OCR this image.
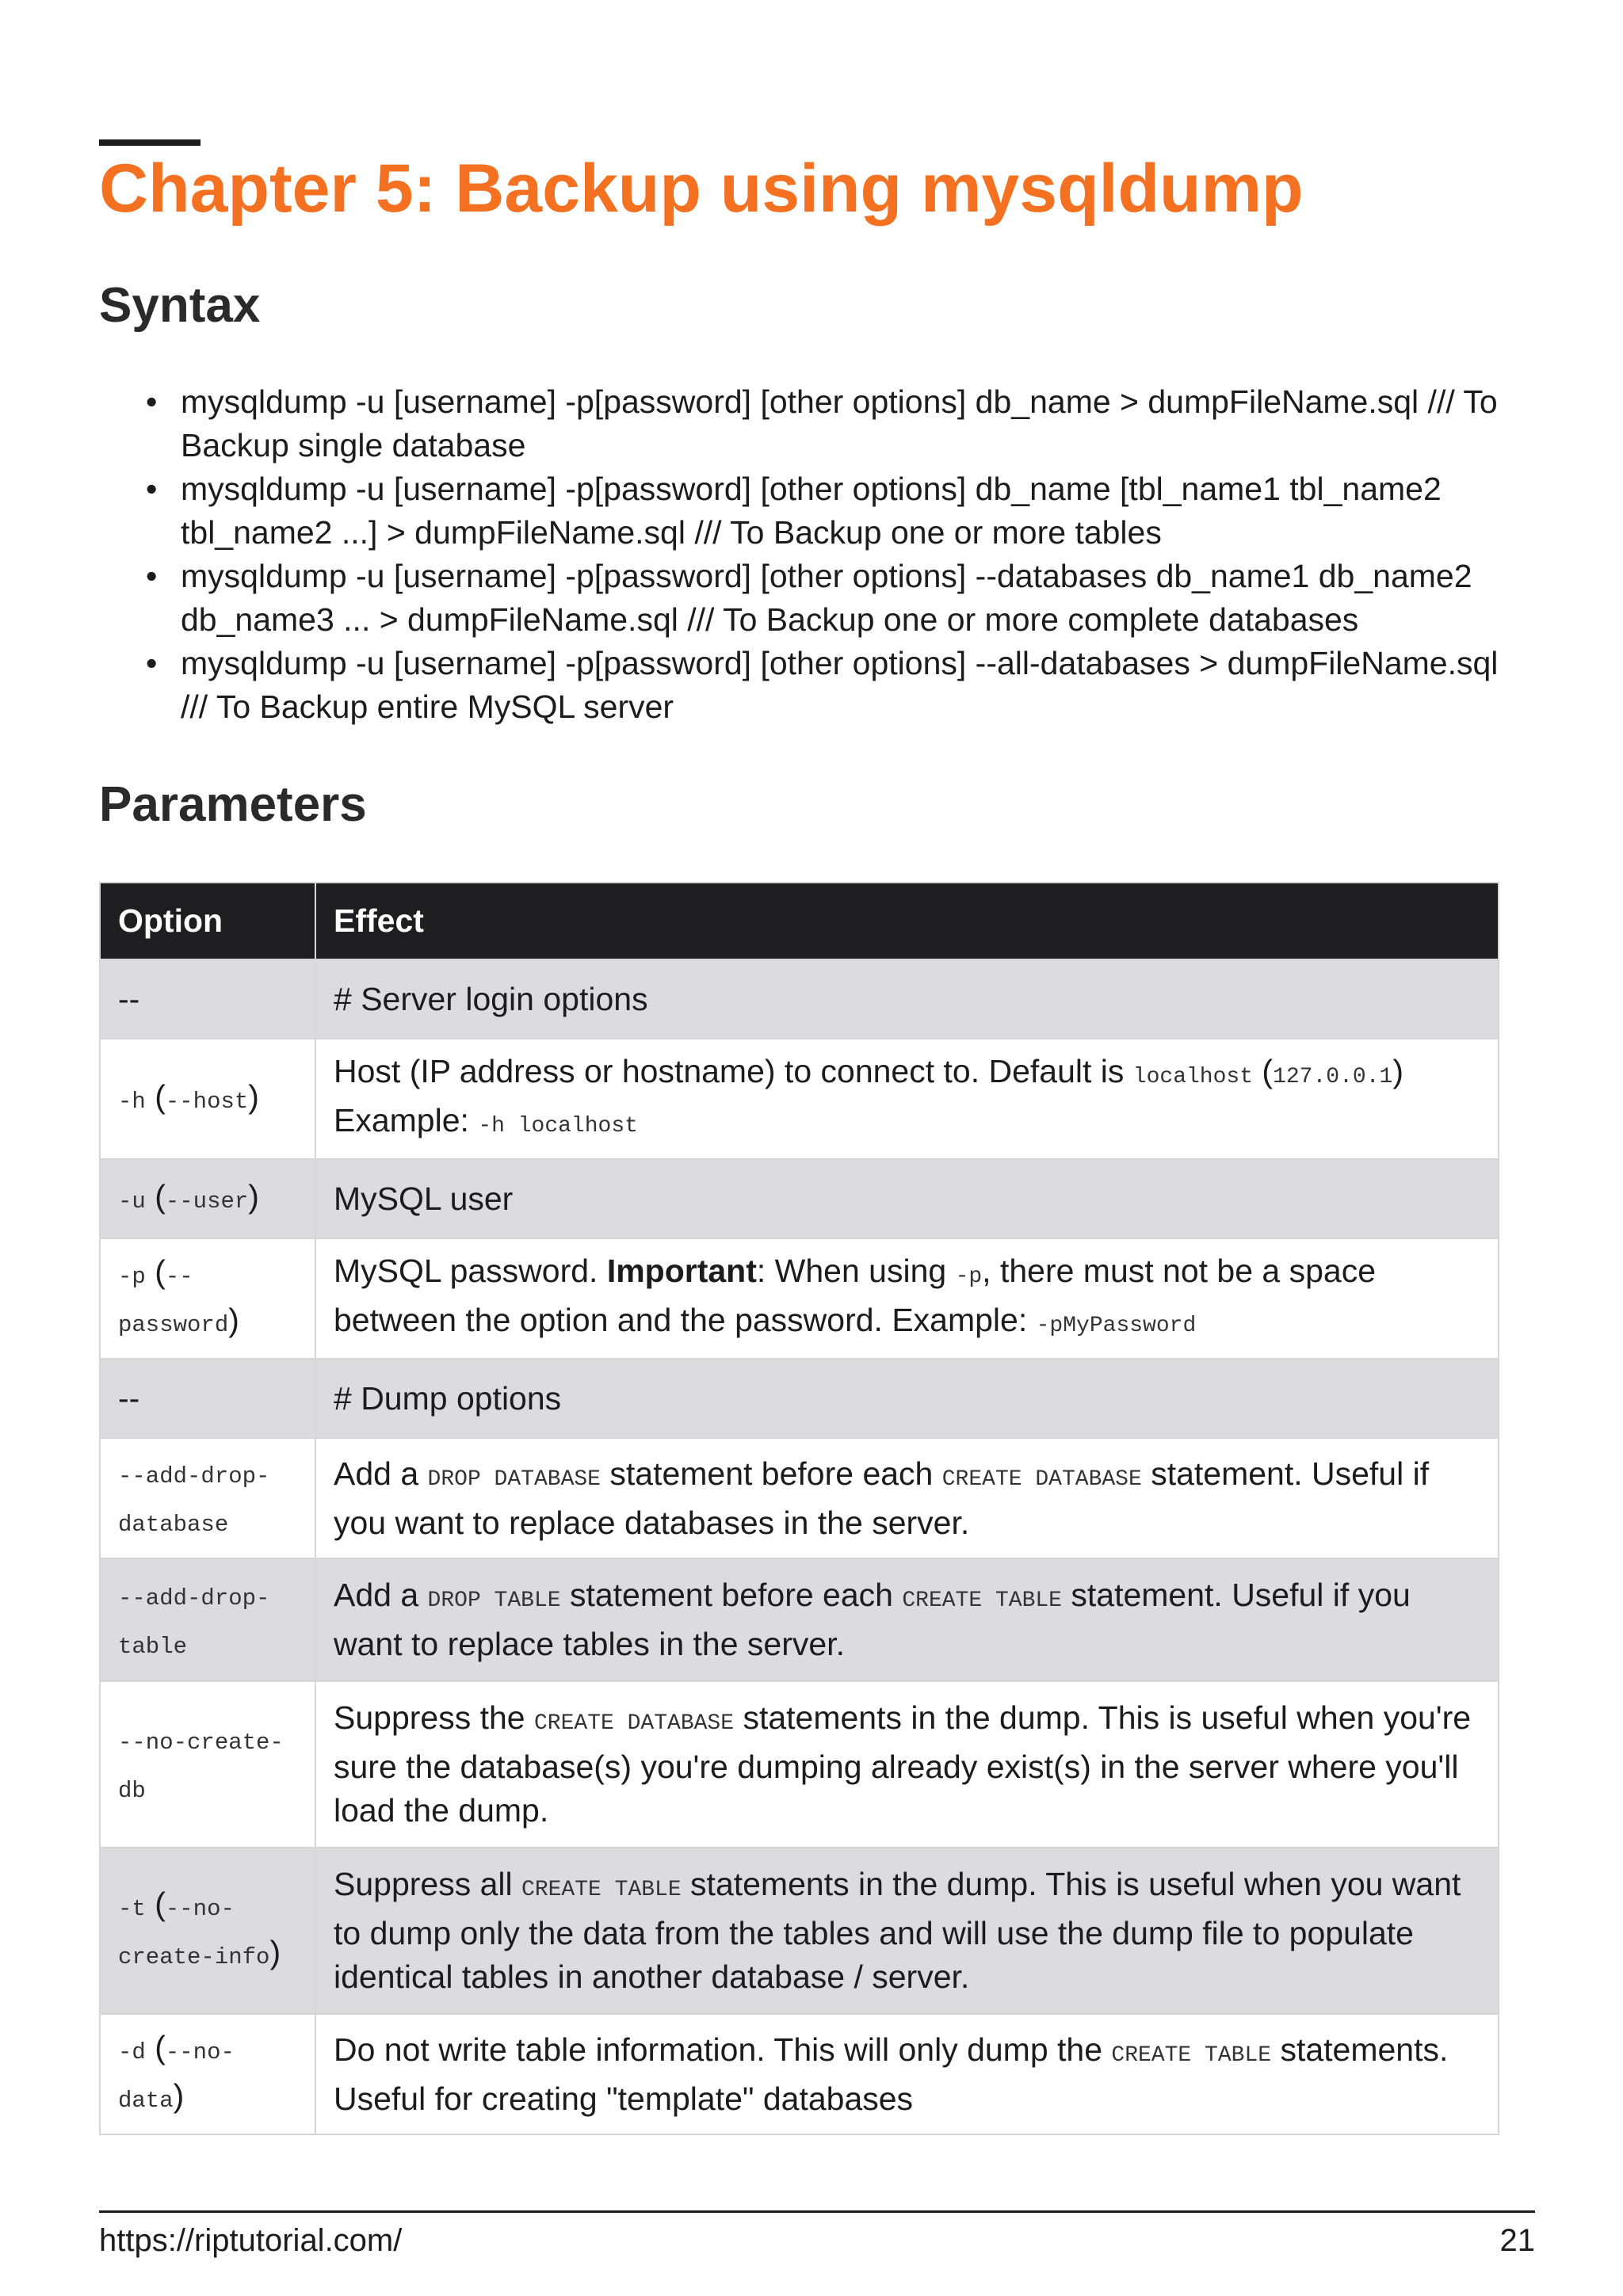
Chapter 5: Backup using mysqldump
Syntax
• mysqldump -u [username] -p[password] [other options] db_name > dumpFileName.sql /// To Backup single database
• mysqldump -u [username] -p[password] [other options] db_name [tbl_name1 tbl_name2 tbl_name2 ...] > dumpFileName.sql /// To Backup one or more tables
• mysqldump -u [username] -p[password] [other options] --databases db_name1 db_name2 db_name3 ... > dumpFileName.sql /// To Backup one or more complete databases
• mysqldump -u [username] -p[password] [other options] --all-databases > dumpFileName.sql /// To Backup entire MySQL server
Parameters
Option	Effect
--	# Server login options
-h (--host)	Host (IP address or hostname) to connect to. Default is localhost (127.0.0.1) Example: -h localhost
-u (--user)	MySQL user
-p (--password)	MySQL password. Important: When using -p, there must not be a space between the option and the password. Example: -pMyPassword
--	# Dump options
--add-drop-database	Add a DROP DATABASE statement before each CREATE DATABASE statement. Useful if you want to replace databases in the server.
--add-drop-table	Add a DROP TABLE statement before each CREATE TABLE statement. Useful if you want to replace tables in the server.
--no-create-db	Suppress the CREATE DATABASE statements in the dump. This is useful when you're sure the database(s) you're dumping already exist(s) in the server where you'll load the dump.
-t (--no-create-info)	Suppress all CREATE TABLE statements in the dump. This is useful when you want to dump only the data from the tables and will use the dump file to populate identical tables in another database / server.
-d (--no-data)	Do not write table information. This will only dump the CREATE TABLE statements. Useful for creating "template" databases
https://riptutorial.com/	21
